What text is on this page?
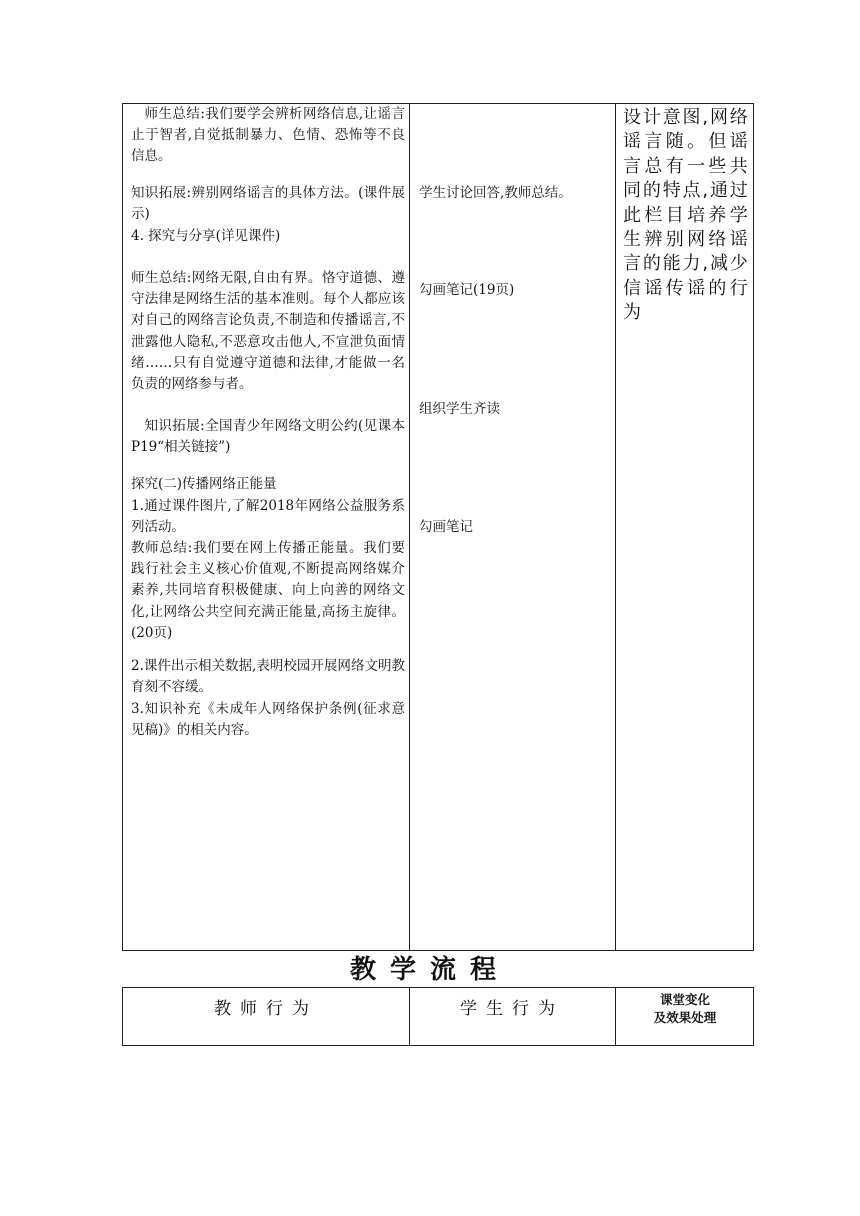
师生总结:我们要学会辨析网络信息,让谣言止于智者,自觉抵制暴力、色情、恐怖等不良信息。

知识拓展:辨别网络谣言的具体方法。(课件展示)

4. 探究与分享(详见课件)

师生总结:网络无限,自由有界。恪守道德、遵守法律是网络生活的基本准则。每个人都应该对自己的网络言论负责,不制造和传播谣言,不泄露他人隐私,不恶意攻击他人,不宣泄负面情绪……只有自觉遵守道德和法律,才能做一名负责的网络参与者。

知识拓展:全国青少年网络文明公约(见课本P19“相关链接”)

探究(二)传播网络正能量

1.通过课件图片,了解2018年网络公益服务系列活动。

教师总结:我们要在网上传播正能量。我们要践行社会主义核心价值观,不断提高网络媒介素养,共同培育积极健康、向上向善的网络文化,让网络公共空间充满正能量,高扬主旋律。(20页)

2.课件出示相关数据,表明校园开展网络文明教育刻不容缓。

3.知识补充《未成年人网络保护条例(征求意见稿)》的相关内容。

学生讨论回答,教师总结。

勾画笔记(19页)

组织学生齐读

勾画笔记

设计意图,网络谣言随。但谣言总有一些共同的特点,通过此栏目培养学生辨别网络谣言的能力,减少信谣传谣的行为

教学流程
教师行为	学生行为	课堂变化
及效果处理
